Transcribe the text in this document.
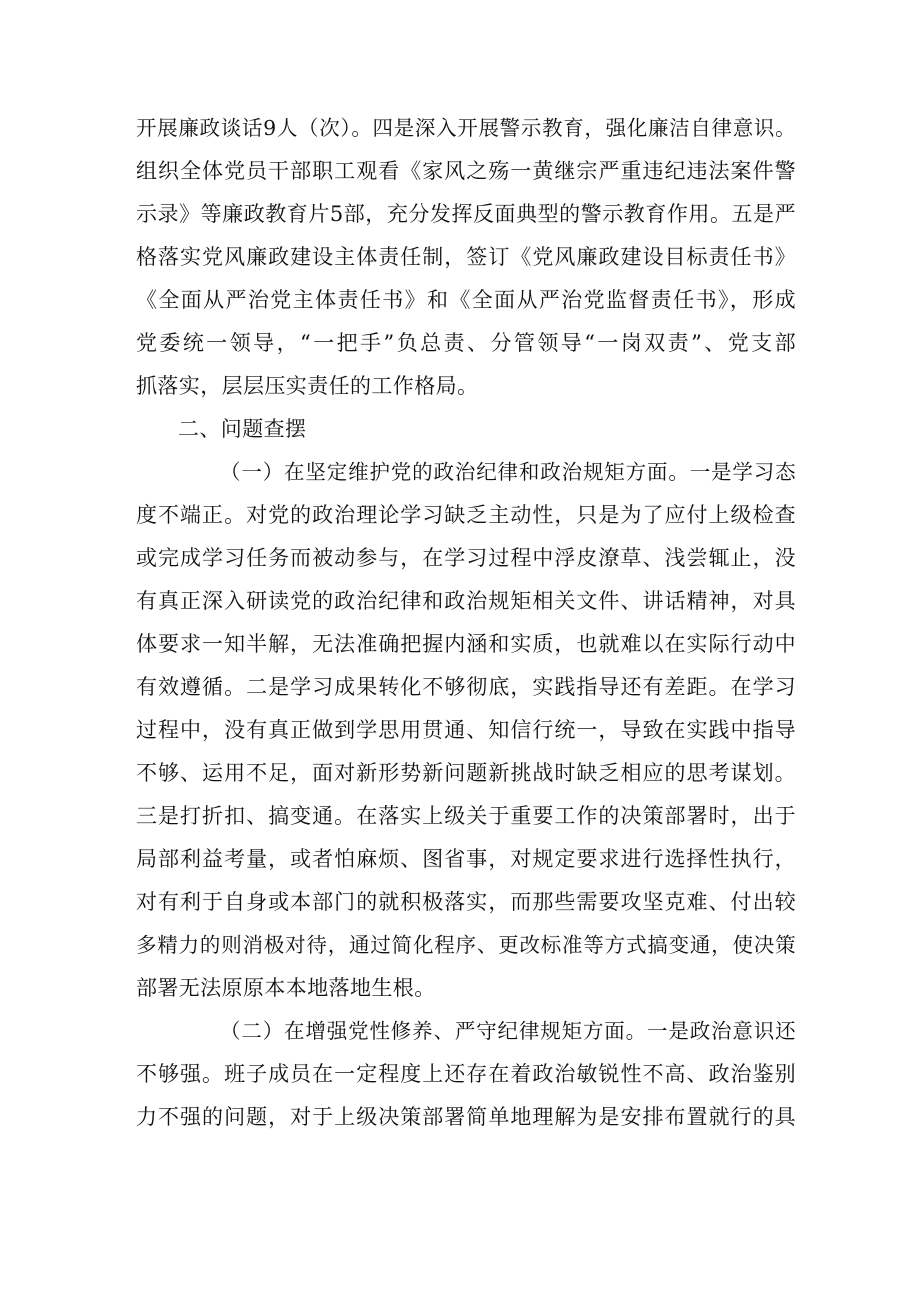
开展廉政谈话9人（次）。四是深入开展警示教育，强化廉洁自律意识。
组织全体党员干部职工观看《家风之殇一黄继宗严重违纪违法案件警
示录》等廉政教育片5部，充分发挥反面典型的警示教育作用。五是严
格落实党风廉政建设主体责任制，签订《党风廉政建设目标责任书》
《全面从严治党主体责任书》和《全面从严治党监督责任书》，形成
党委统一领导，“一把手”负总责、分管领导“一岗双责”、党支部
抓落实，层层压实责任的工作格局。
二、问题查摆
（一）在坚定维护党的政治纪律和政治规矩方面。一是学习态
度不端正。对党的政治理论学习缺乏主动性，只是为了应付上级检查
或完成学习任务而被动参与，在学习过程中浮皮潦草、浅尝辄止，没
有真正深入研读党的政治纪律和政治规矩相关文件、讲话精神，对具
体要求一知半解，无法准确把握内涵和实质，也就难以在实际行动中
有效遵循。二是学习成果转化不够彻底，实践指导还有差距。在学习
过程中，没有真正做到学思用贯通、知信行统一，导致在实践中指导
不够、运用不足，面对新形势新问题新挑战时缺乏相应的思考谋划。
三是打折扣、搞变通。在落实上级关于重要工作的决策部署时，出于
局部利益考量，或者怕麻烦、图省事，对规定要求进行选择性执行，
对有利于自身或本部门的就积极落实，而那些需要攻坚克难、付出较
多精力的则消极对待，通过简化程序、更改标准等方式搞变通，使决策
部署无法原原本本地落地生根。
（二）在增强党性修养、严守纪律规矩方面。一是政治意识还
不够强。班子成员在一定程度上还存在着政治敏锐性不高、政治鉴别
力不强的问题，对于上级决策部署简单地理解为是安排布置就行的具
